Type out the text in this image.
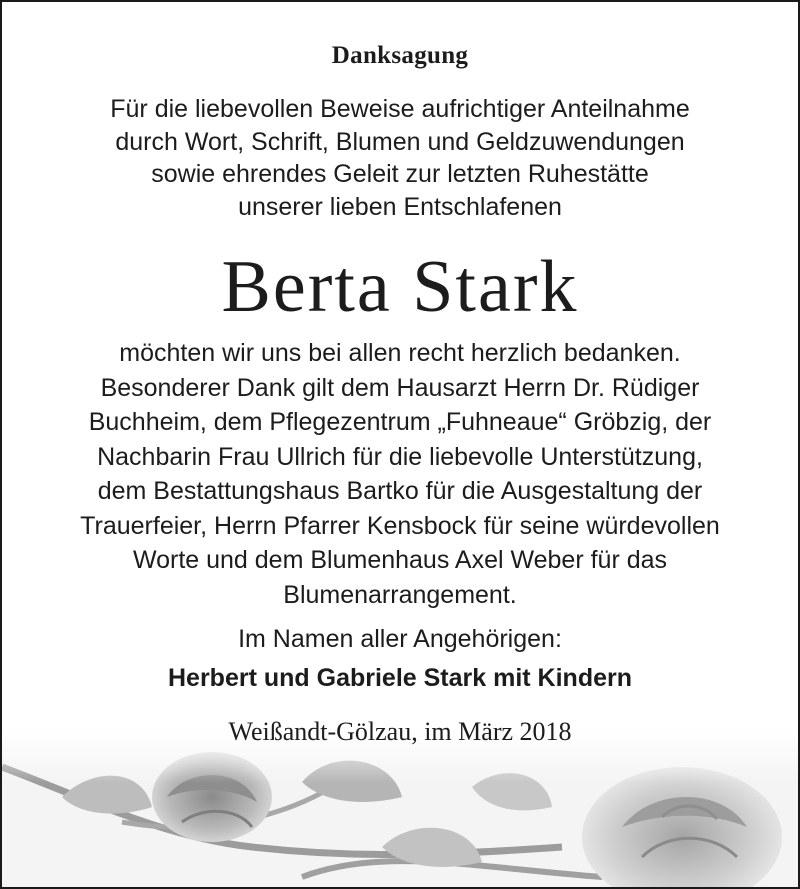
Danksagung
Für die liebevollen Beweise aufrichtiger Anteilnahme
durch Wort, Schrift, Blumen und Geldzuwendungen
sowie ehrendes Geleit zur letzten Ruhestätte
unserer lieben Entschlafenen
Berta Stark
möchten wir uns bei allen recht herzlich bedanken.
Besonderer Dank gilt dem Hausarzt Herrn Dr. Rüdiger
Buchheim, dem Pflegezentrum „Fuhneaue“ Gröbzig, der
Nachbarin Frau Ullrich für die liebevolle Unterstützung,
dem Bestattungshaus Bartko für die Ausgestaltung der
Trauerfeier, Herrn Pfarrer Kensbock für seine würdevollen
Worte und dem Blumenhaus Axel Weber für das
Blumenarrangement.
Im Namen aller Angehörigen:
Herbert und Gabriele Stark mit Kindern
Weißandt-Gölzau, im März 2018
